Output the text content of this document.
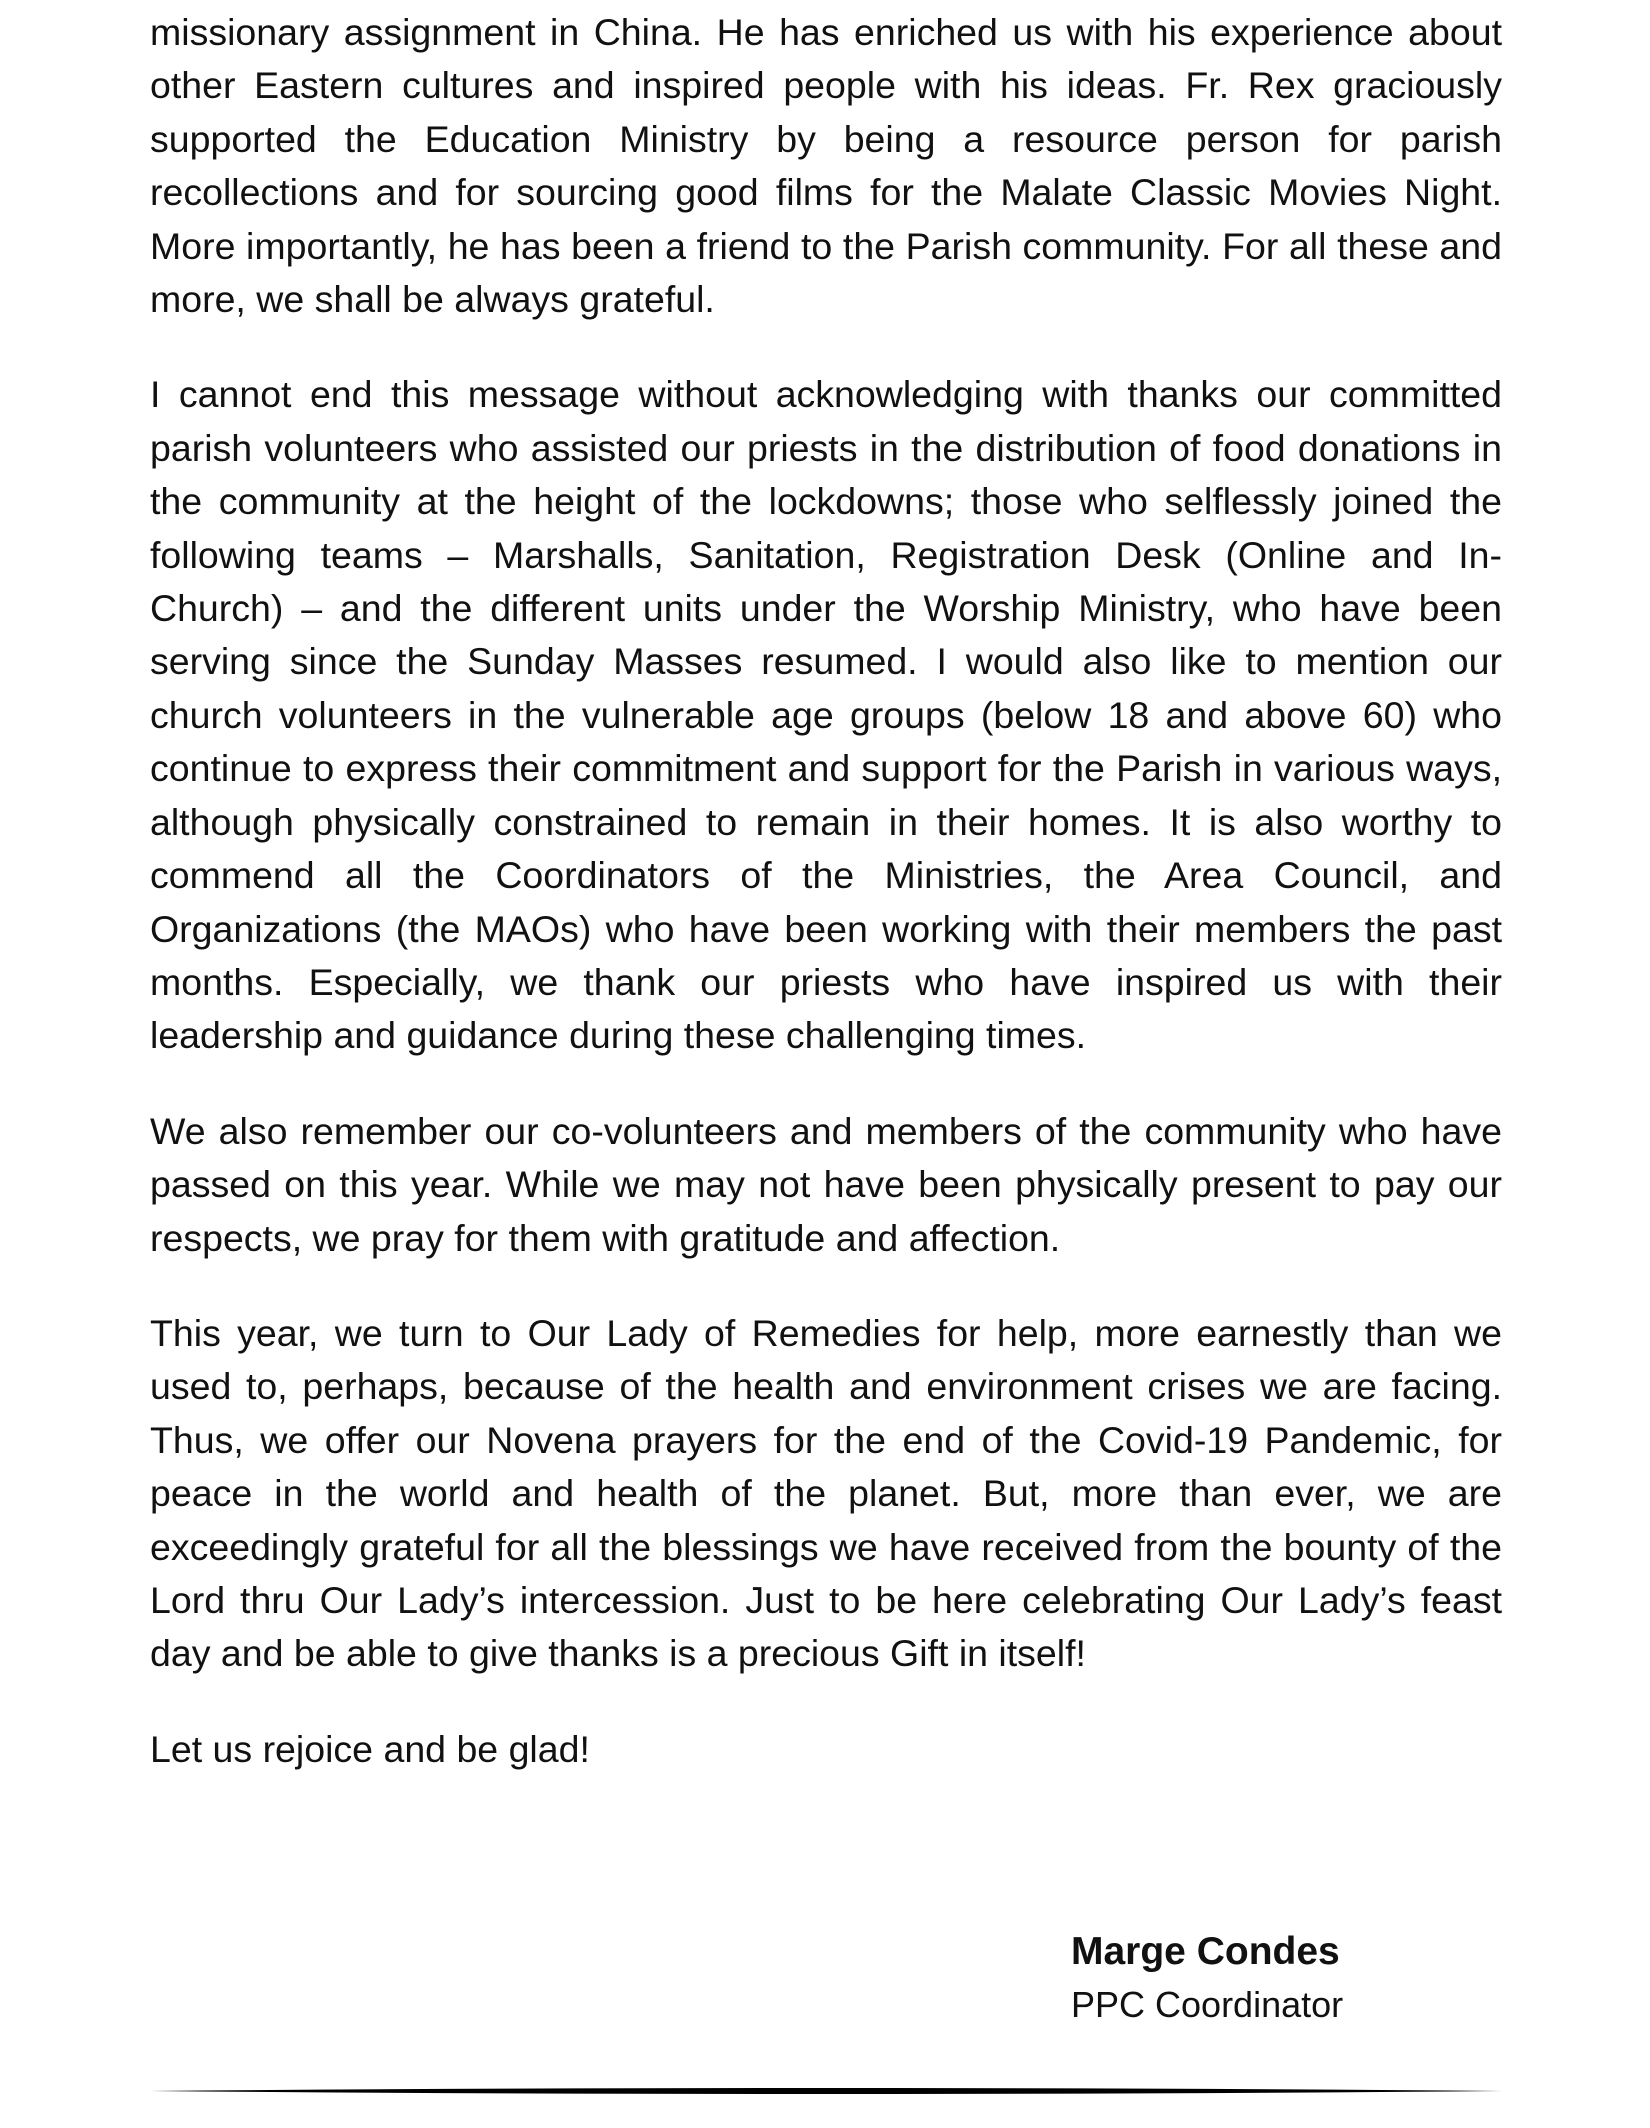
missionary assignment in China. He has enriched us with his experience about other Eastern cultures and inspired people with his ideas. Fr. Rex graciously supported the Education Ministry by being a resource person for parish recollections and for sourcing good films for the Malate Classic Movies Night. More importantly, he has been a friend to the Parish community. For all these and more, we shall be always grateful.

I cannot end this message without acknowledging with thanks our committed parish volunteers who assisted our priests in the distribution of food donations in the community at the height of the lockdowns; those who selflessly joined the following teams – Marshalls, Sanitation, Registration Desk (Online and In-Church) – and the different units under the Worship Ministry, who have been serving since the Sunday Masses resumed. I would also like to mention our church volunteers in the vulnerable age groups (below 18 and above 60) who continue to express their commitment and support for the Parish in various ways, although physically constrained to remain in their homes. It is also worthy to commend all the Coordinators of the Ministries, the Area Council, and Organizations (the MAOs) who have been working with their members the past months. Especially, we thank our priests who have inspired us with their leadership and guidance during these challenging times.

We also remember our co-volunteers and members of the community who have passed on this year. While we may not have been physically present to pay our respects, we pray for them with gratitude and affection.

This year, we turn to Our Lady of Remedies for help, more earnestly than we used to, perhaps, because of the health and environment crises we are facing. Thus, we offer our Novena prayers for the end of the Covid-19 Pandemic, for peace in the world and health of the planet. But, more than ever, we are exceedingly grateful for all the blessings we have received from the bounty of the Lord thru Our Lady’s intercession. Just to be here celebrating Our Lady’s feast day and be able to give thanks is a precious Gift in itself!

Let us rejoice and be glad!

Marge Condes
PPC Coordinator
